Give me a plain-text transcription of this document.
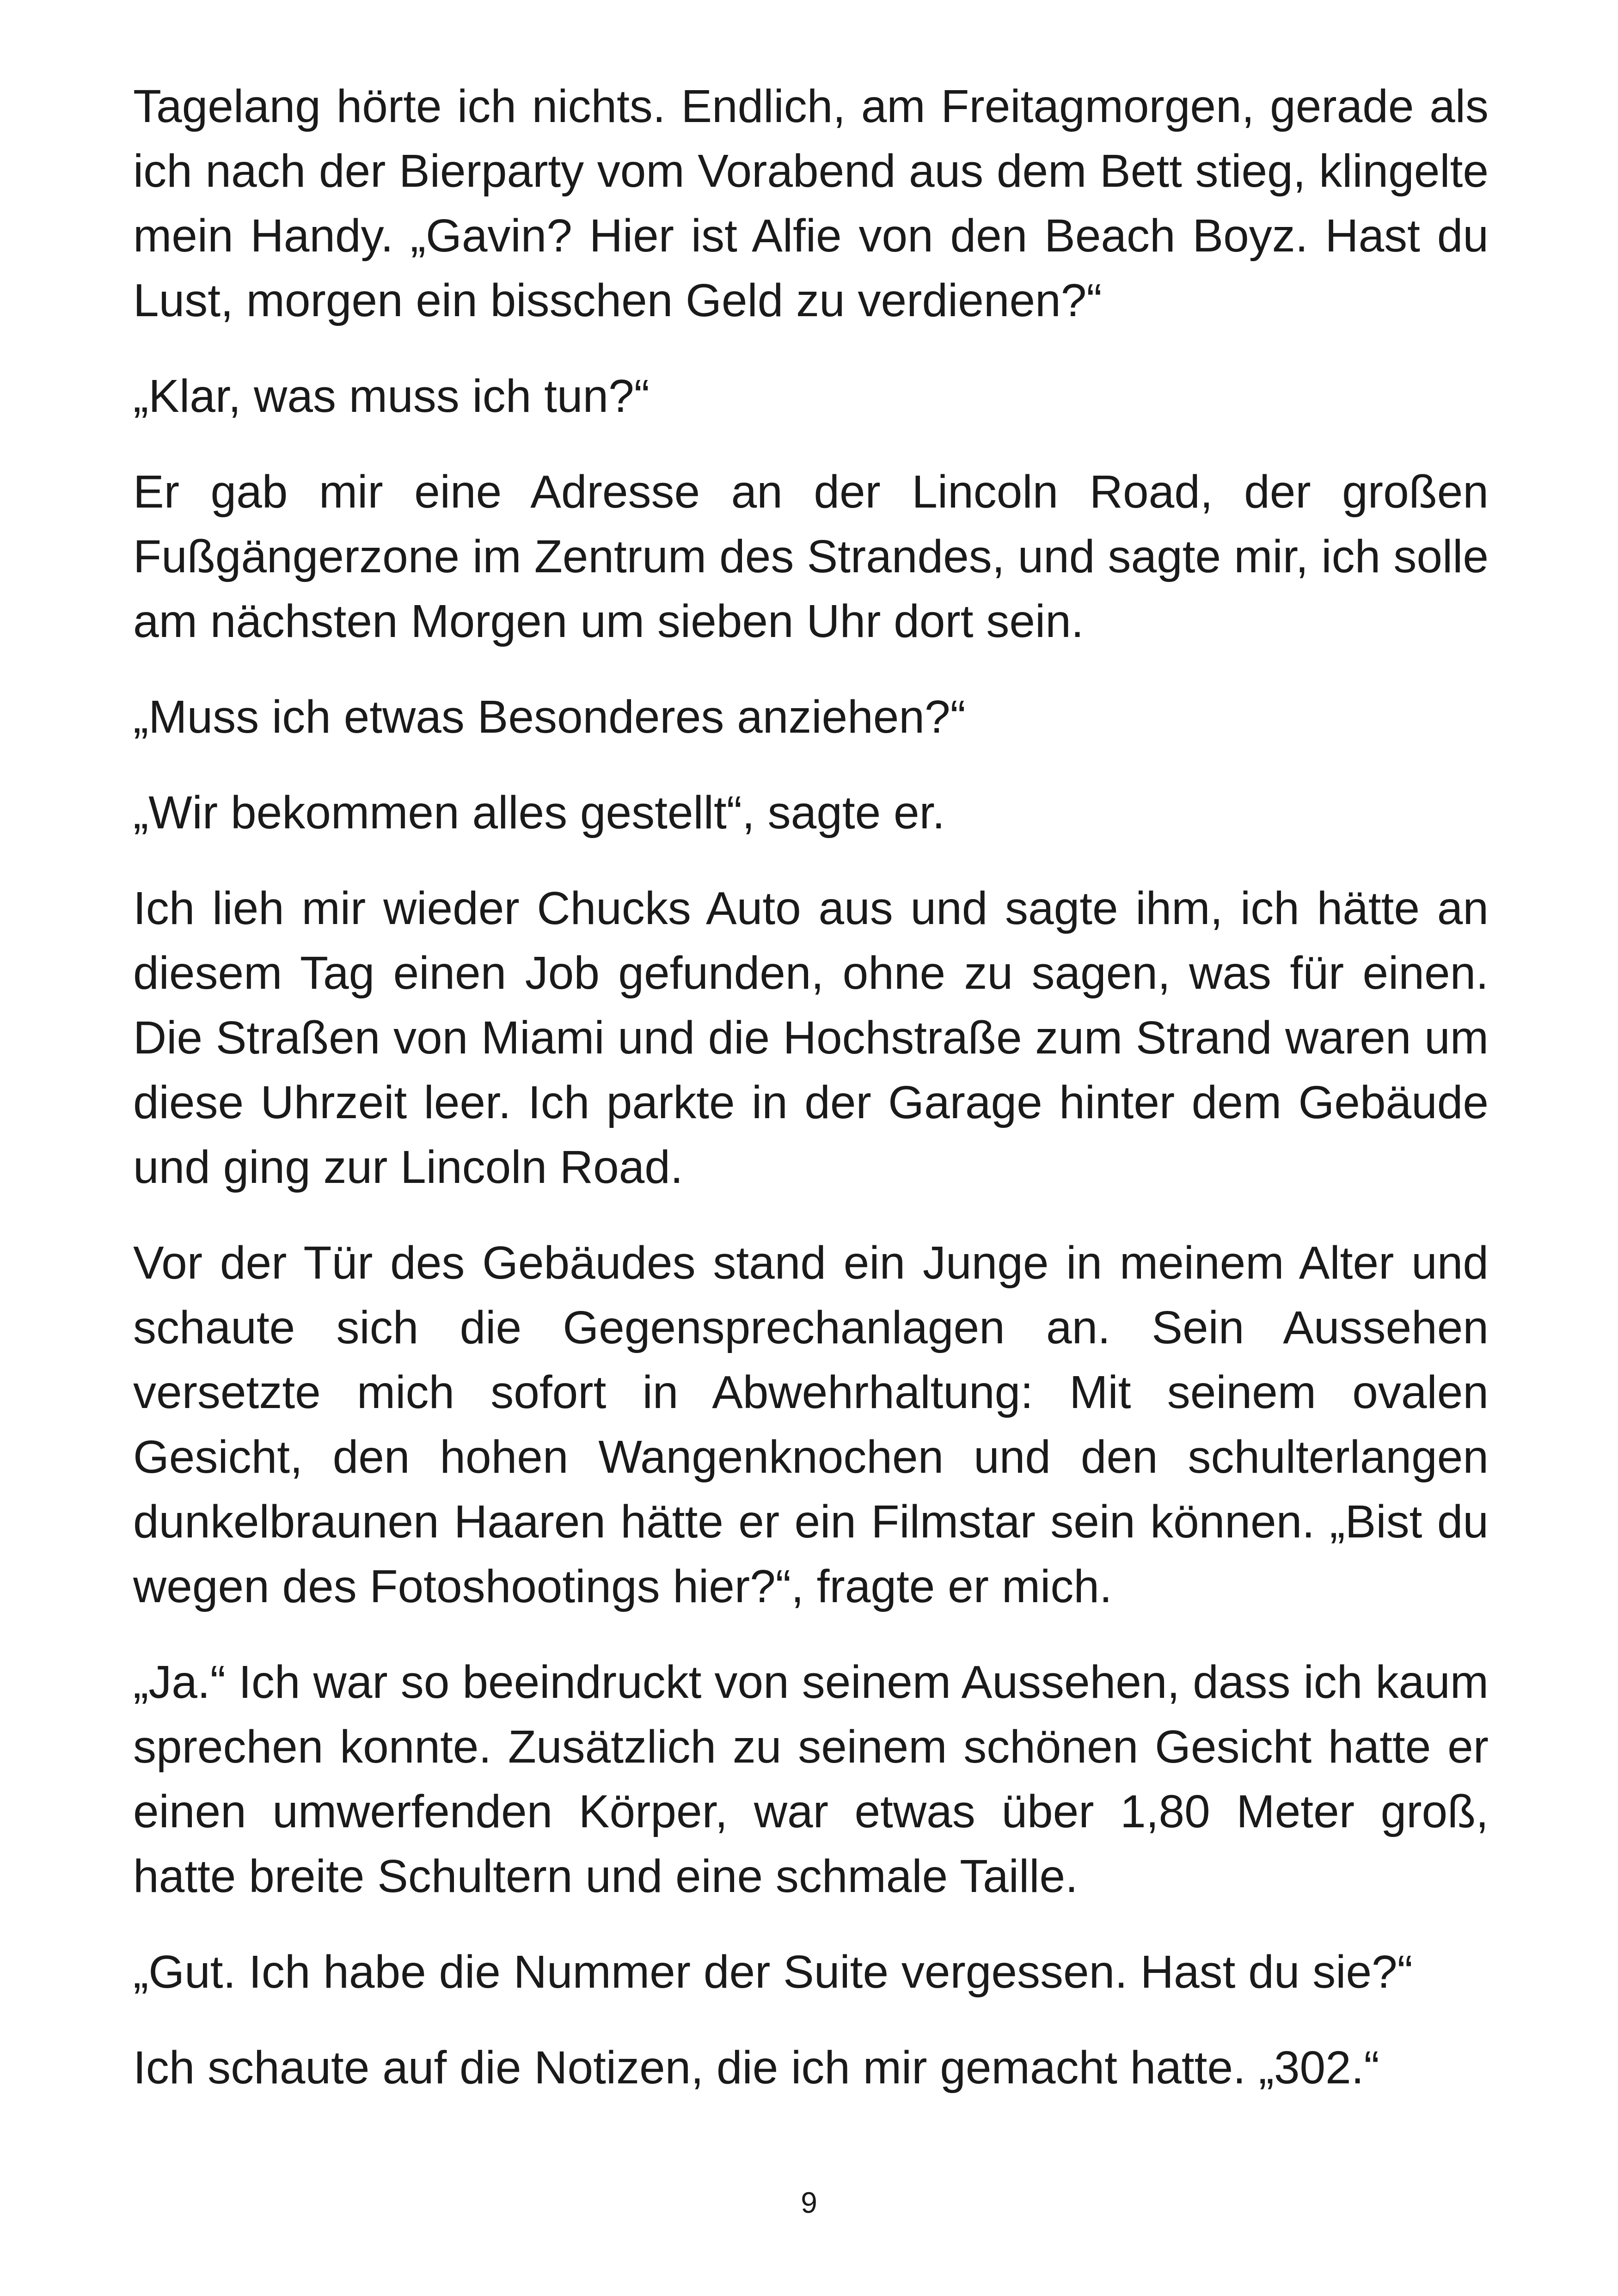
Tagelang hörte ich nichts. Endlich, am Freitagmorgen, gerade als ich nach der Bierparty vom Vorabend aus dem Bett stieg, klingelte mein Handy. „Gavin? Hier ist Alfie von den Beach Boyz. Hast du Lust, morgen ein bisschen Geld zu verdienen?“

„Klar, was muss ich tun?“

Er gab mir eine Adresse an der Lincoln Road, der großen Fußgängerzone im Zentrum des Strandes, und sagte mir, ich solle am nächsten Morgen um sieben Uhr dort sein.

„Muss ich etwas Besonderes anziehen?“

„Wir bekommen alles gestellt“, sagte er.

Ich lieh mir wieder Chucks Auto aus und sagte ihm, ich hätte an diesem Tag einen Job gefunden, ohne zu sagen, was für einen. Die Straßen von Miami und die Hochstraße zum Strand waren um diese Uhrzeit leer. Ich parkte in der Garage hinter dem Gebäude und ging zur Lincoln Road.

Vor der Tür des Gebäudes stand ein Junge in meinem Alter und schaute sich die Gegensprechanlagen an. Sein Aussehen versetzte mich sofort in Abwehrhaltung: Mit seinem ovalen Gesicht, den hohen Wangenknochen und den schulterlangen dunkelbraunen Haaren hätte er ein Filmstar sein können. „Bist du wegen des Fotoshootings hier?“, fragte er mich.

„Ja.“ Ich war so beeindruckt von seinem Aussehen, dass ich kaum sprechen konnte. Zusätzlich zu seinem schönen Gesicht hatte er einen umwerfenden Körper, war etwas über 1,80 Meter groß, hatte breite Schultern und eine schmale Taille.

„Gut. Ich habe die Nummer der Suite vergessen. Hast du sie?“

Ich schaute auf die Notizen, die ich mir gemacht hatte. „302.“

9
